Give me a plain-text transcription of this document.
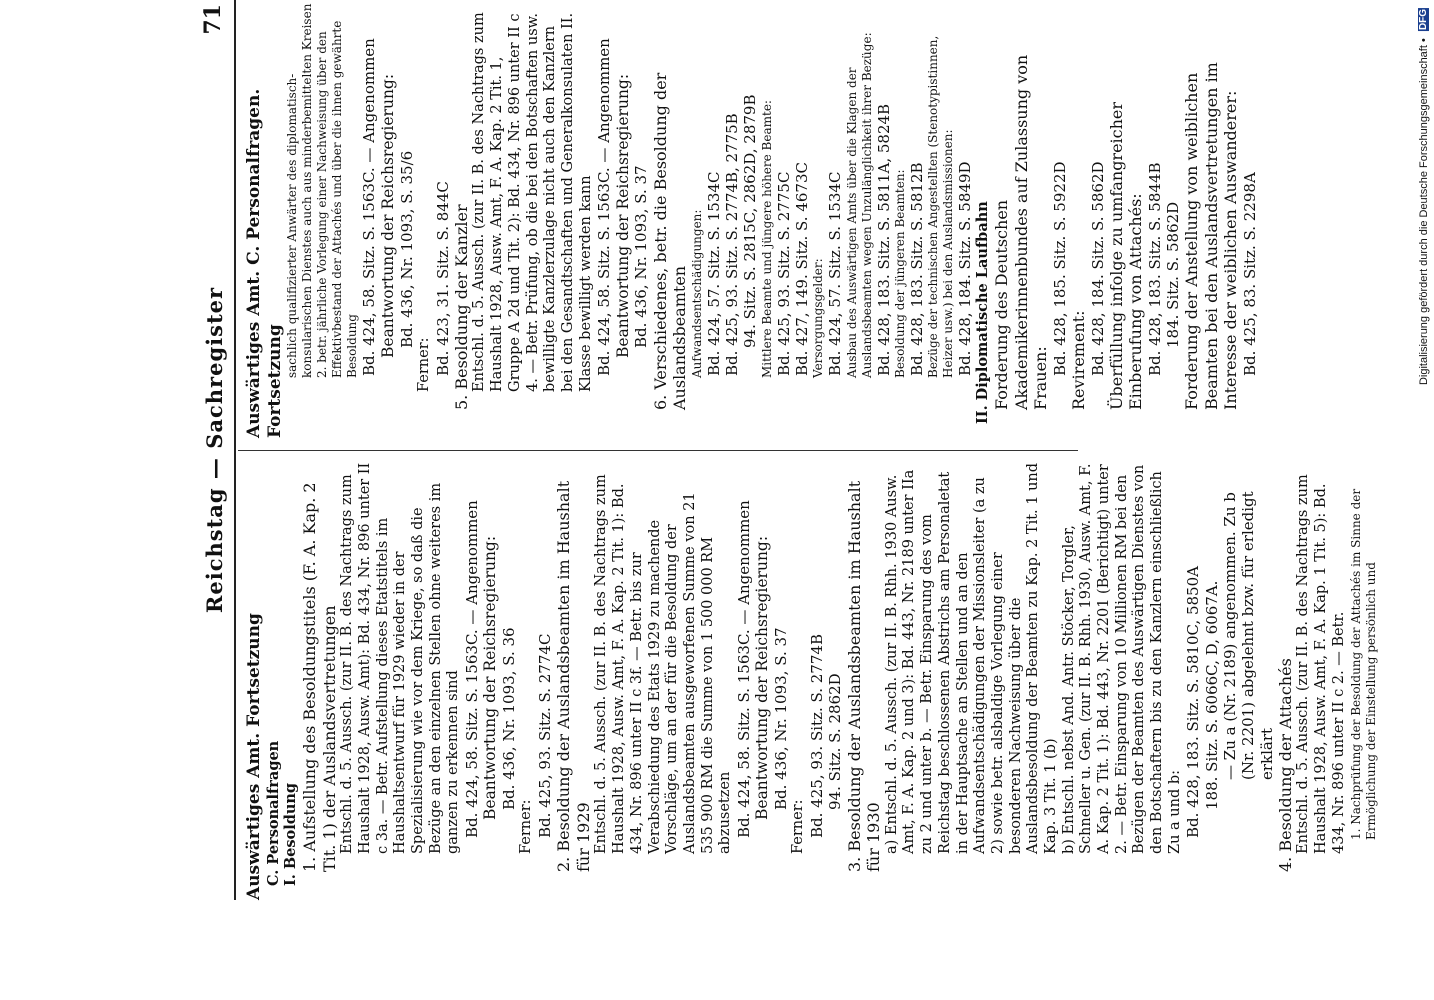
Reichstag — Sachregister
71
Auswärtiges Amt. Fortsetzung C. Personalfragen I. Besoldung 1. Aufstellung des Besoldungstitels (F. A. Kap. 2 Tit. 1) der Auslandsvertretungen Entschl. d. 5. Aussch. (zur II. B. des Nachtrags zum Haushalt 1928, Ausw. Amt): Bd. 434, Nr. 896 unter II c 3a. — Betr. Aufstellung dieses Etatstitels im Haushaltsentwurf für 1929 wieder in der Spezialisierung wie vor dem Kriege, so daß die Bezüge an den einzelnen Stellen ohne weiteres im ganzen zu erkennen sind Bd. 424, 58. Sitz. S. 1563C. — Angenommen Beantwortung der Reichsregierung: Bd. 436, Nr. 1093, S. 36
Ferner: Bd. 425, 93. Sitz. S. 2774C 2. Besoldung der Auslandsbeamten im Haushalt für 1929 Entschl. d. 5. Aussch. (zur II. B. des Nachtrags zum Haushalt 1928, Ausw. Amt, F. A. Kap. 2 Tit. 1): Bd. 434, Nr. 896 unter II c 3f. — Betr. bis zur Verabschiedung des Etats 1929 zu machende Vorschläge, um an der für die Besoldung der Auslandsbeamten ausgeworfenen Summe von 21 535 900 RM die Summe von 1 500 000 RM abzusetzen Bd. 424, 58. Sitz. S. 1563C. — Angenommen Beantwortung der Reichsregierung: Bd. 436, Nr. 1093, S. 37
Ferner: Bd. 425, 93. Sitz. S. 2774B 94. Sitz. S. 2862D 3. Besoldung der Auslandsbeamten im Haushalt für 1930 a) Entschl. d. 5. Aussch. (zur II. B. Rhh. 1930 Ausw. Amt, F. A. Kap. 2 und 3): Bd. 443, Nr. 2189 unter IIa zu 2 und unter b. — Betr. Einsparung des vom Reichstag beschlossenen Abstrichs am Personaletat in der Hauptsache an Stellen und an den Aufwandsentschädigungen der Missionsleiter (a zu 2) sowie betr. alsbaldige Vorlegung einer besonderen Nachweisung über die Auslandsbesoldung der Beamten zu Kap. 2 Tit. 1 und Kap. 3 Tit. 1 (b) b) Entschl. nebst And. Antr. Stöcker, Torgler, Schneller u. Gen. (zur II. B. Rhh. 1930, Ausw. Amt, F. A. Kap. 2 Tit. 1): Bd. 443, Nr. 2201 (Berichtigt) unter 2. — Betr. Einsparung von 10 Millionen RM bei den Bezügen der Beamten des Auswärtigen Dienstes von den Botschaftern bis zu den Kanzlern einschließlich Zu a und b: Bd. 428, 183. Sitz. S. 5810C, 5850A 188. Sitz. S. 6066C, D, 6067A. — Zu a (Nr. 2189) angenommen. Zu b (Nr. 2201) abgelehnt bzw. für erledigt erklärt 4. Besoldung der Attachés Entschl. d. 5. Aussch. (zur II. B. des Nachtrags zum Haushalt 1928, Ausw. Amt, F. A. Kap. 1 Tit. 5): Bd. 434, Nr. 896 unter II c 2. — Betr. 1. Nachprüfung der Besoldung der Attachés im Sinne der Ermöglichung der Einstellung persönlich und
Auswärtiges Amt. C. Personalfragen. Fortsetzung
sachlich qualifizierter Anwärter des diplomatisch-konsularischen Dienstes auch aus minderbemittelten Kreisen 2. betr. jährliche Vorlegung einer Nachweisung über den Effektivbestand der Attachés und über die ihnen gewährte Besoldung Bd. 424, 58. Sitz. S. 1563C. — Angenommen Beantwortung der Reichsregierung: Bd. 436, Nr. 1093, S. 35/6
Ferner: Bd. 423, 31. Sitz. S. 844C 5. Besoldung der Kanzler Entschl. d. 5. Aussch. (zur II. B. des Nachtrags zum Haushalt 1928, Ausw. Amt, F. A. Kap. 2 Tit. 1, Gruppe A 2d und Tit. 2): Bd. 434, Nr. 896 unter II c 4. — Betr. Prüfung, ob die bei den Botschaften usw. bewilligte Kanzlerzulage nicht auch den Kanzlern bei den Gesandtschaften und Generalkonsulaten II. Klasse bewilligt werden kann Bd. 424, 58. Sitz. S. 1563C. — Angenommen Beantwortung der Reichsregierung: Bd. 436, Nr. 1093, S. 37 6. Verschiedenes, betr. die Besoldung der Auslandsbeamten Aufwandsentschädigungen: Bd. 424, 57. Sitz. S. 1534C Bd. 425, 93. Sitz. S. 2774B, 2775B 94. Sitz. S. 2815C, 2862D, 2879B Mittlere Beamte und jüngere höhere Beamte: Bd. 425, 93. Sitz. S. 2775C Bd. 427, 149. Sitz. S. 4673C Versorgungsgelder: Bd. 424, 57. Sitz. S. 1534C Ausbau des Auswärtigen Amts über die Klagen der Auslandsbeamten wegen Unzulänglichkeit ihrer Bezüge: Bd. 428, 183. Sitz. S. 5811A, 5824B Besoldung der jüngeren Beamten: Bd. 428, 183. Sitz. S. 5812B Bezüge der technischen Angestellten (Stenotypistinnen, Heizer usw.) bei den Auslandsmissionen: Bd. 428, 184. Sitz. S. 5849D II. Diplomatische Laufbahn Forderung des Deutschen Akademikerinnenbundes auf Zulassung von Frauen:
Bd. 428, 185. Sitz. S. 5922D Revirement: Bd. 428, 184. Sitz. S. 5862D Überfüllung infolge zu umfangreicher Einberufung von Attachés: Bd. 428, 183. Sitz. S. 5844B 184. Sitz. S. 5862D Forderung der Anstellung von weiblichen Beamten bei den Auslandsvertretungen im Interesse der weiblichen Auswanderer: Bd. 425, 83. Sitz. S. 2298A	Digitalisierung gefördert durch die Deutsche Forschungsgemeinschaft • DFG
